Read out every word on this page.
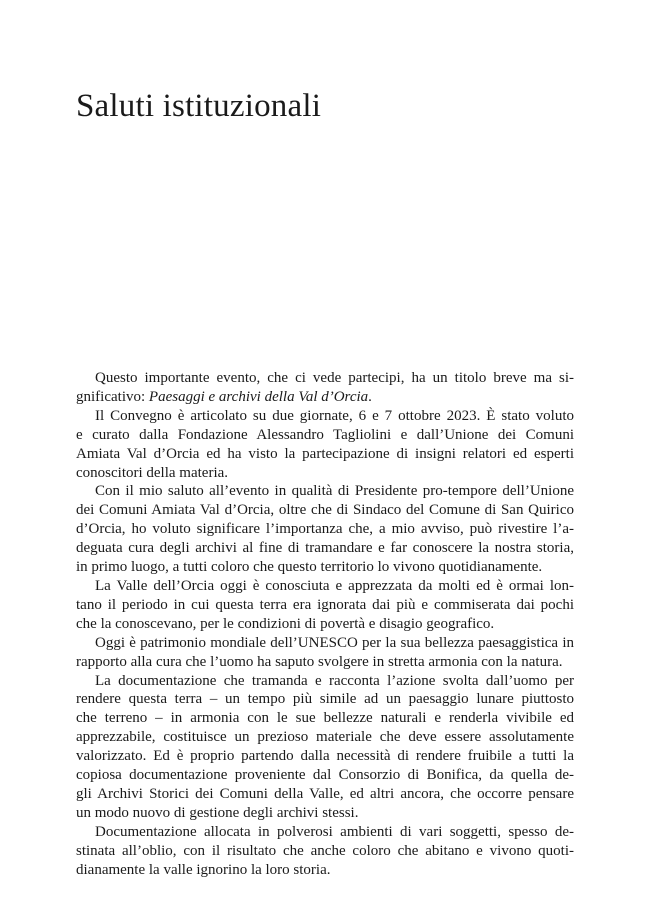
Saluti istituzionali

Questo importante evento, che ci vede partecipi, ha un titolo breve ma si-
gnificativo: Paesaggi e archivi della Val d’Orcia.

Il Convegno è articolato su due giornate, 6 e 7 ottobre 2023. È stato voluto
e curato dalla Fondazione Alessandro Tagliolini e dall’Unione dei Comuni
Amiata Val d’Orcia ed ha visto la partecipazione di insigni relatori ed esperti
conoscitori della materia.

Con il mio saluto all’evento in qualità di Presidente pro-tempore dell’Unione
dei Comuni Amiata Val d’Orcia, oltre che di Sindaco del Comune di San Quirico
d’Orcia, ho voluto significare l’importanza che, a mio avviso, può rivestire l’a-
deguata cura degli archivi al fine di tramandare e far conoscere la nostra storia,
in primo luogo, a tutti coloro che questo territorio lo vivono quotidianamente.

La Valle dell’Orcia oggi è conosciuta e apprezzata da molti ed è ormai lon-
tano il periodo in cui questa terra era ignorata dai più e commiserata dai pochi
che la conoscevano, per le condizioni di povertà e disagio geografico.

Oggi è patrimonio mondiale dell’UNESCO per la sua bellezza paesaggistica in
rapporto alla cura che l’uomo ha saputo svolgere in stretta armonia con la natura.

La documentazione che tramanda e racconta l’azione svolta dall’uomo per
rendere questa terra – un tempo più simile ad un paesaggio lunare piuttosto
che terreno – in armonia con le sue bellezze naturali e renderla vivibile ed
apprezzabile, costituisce un prezioso materiale che deve essere assolutamente
valorizzato. Ed è proprio partendo dalla necessità di rendere fruibile a tutti la
copiosa documentazione proveniente dal Consorzio di Bonifica, da quella de-
gli Archivi Storici dei Comuni della Valle, ed altri ancora, che occorre pensare
un modo nuovo di gestione degli archivi stessi.

Documentazione allocata in polverosi ambienti di vari soggetti, spesso de-
stinata all’oblio, con il risultato che anche coloro che abitano e vivono quoti-
dianamente la valle ignorino la loro storia.
